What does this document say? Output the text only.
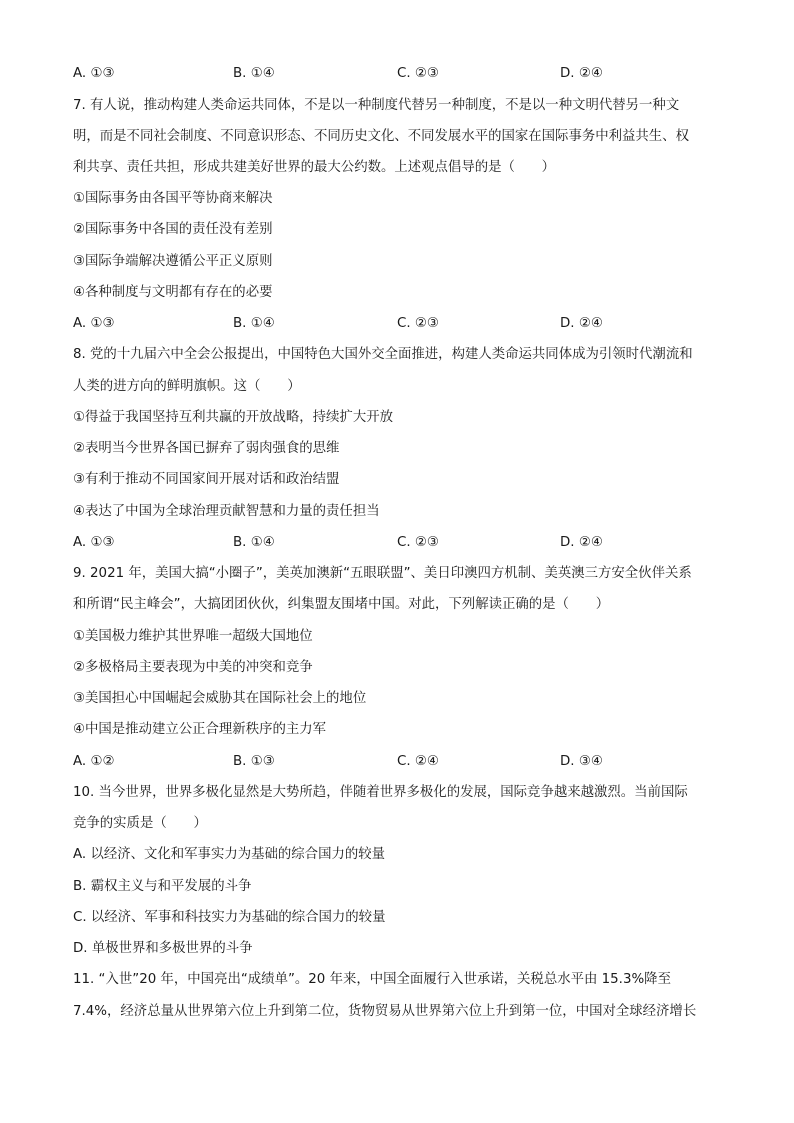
A. ①③	B. ①④	C. ②③	D. ②④
7. 有人说，推动构建人类命运共同体，不是以一种制度代替另一种制度，不是以一种文明代替另一种文
明，而是不同社会制度、不同意识形态、不同历史文化、不同发展水平的国家在国际事务中利益共生、权
利共享、责任共担，形成共建美好世界的最大公约数。上述观点倡导的是（　　）
①国际事务由各国平等协商来解决
②国际事务中各国的责任没有差别
③国际争端解决遵循公平正义原则
④各种制度与文明都有存在的必要
A. ①③	B. ①④	C. ②③	D. ②④
8. 党的十九届六中全会公报提出，中国特色大国外交全面推进，构建人类命运共同体成为引领时代潮流和
人类的进方向的鲜明旗帜。这（　　）
①得益于我国坚持互利共赢的开放战略，持续扩大开放
②表明当今世界各国已摒弃了弱肉强食的思维
③有利于推动不同国家间开展对话和政治结盟
④表达了中国为全球治理贡献智慧和力量的责任担当
A. ①③	B. ①④	C. ②③	D. ②④
9. 2021 年，美国大搞“小圈子”，美英加澳新“五眼联盟”、美日印澳四方机制、美英澳三方安全伙伴关系
和所谓“民主峰会”，大搞团团伙伙，纠集盟友围堵中国。对此，下列解读正确的是（　　）
①美国极力维护其世界唯一超级大国地位
②多极格局主要表现为中美的冲突和竞争
③美国担心中国崛起会威胁其在国际社会上的地位
④中国是推动建立公正合理新秩序的主力军
A. ①②	B. ①③	C. ②④	D. ③④
10. 当今世界，世界多极化显然是大势所趋，伴随着世界多极化的发展，国际竞争越来越激烈。当前国际
竞争的实质是（　　）
A. 以经济、文化和军事实力为基础的综合国力的较量
B. 霸权主义与和平发展的斗争
C. 以经济、军事和科技实力为基础的综合国力的较量
D. 单极世界和多极世界的斗争
11. “入世”20 年，中国亮出“成绩单”。20 年来，中国全面履行入世承诺，关税总水平由 15.3%降至
7.4%，经济总量从世界第六位上升到第二位，货物贸易从世界第六位上升到第一位，中国对全球经济增长
